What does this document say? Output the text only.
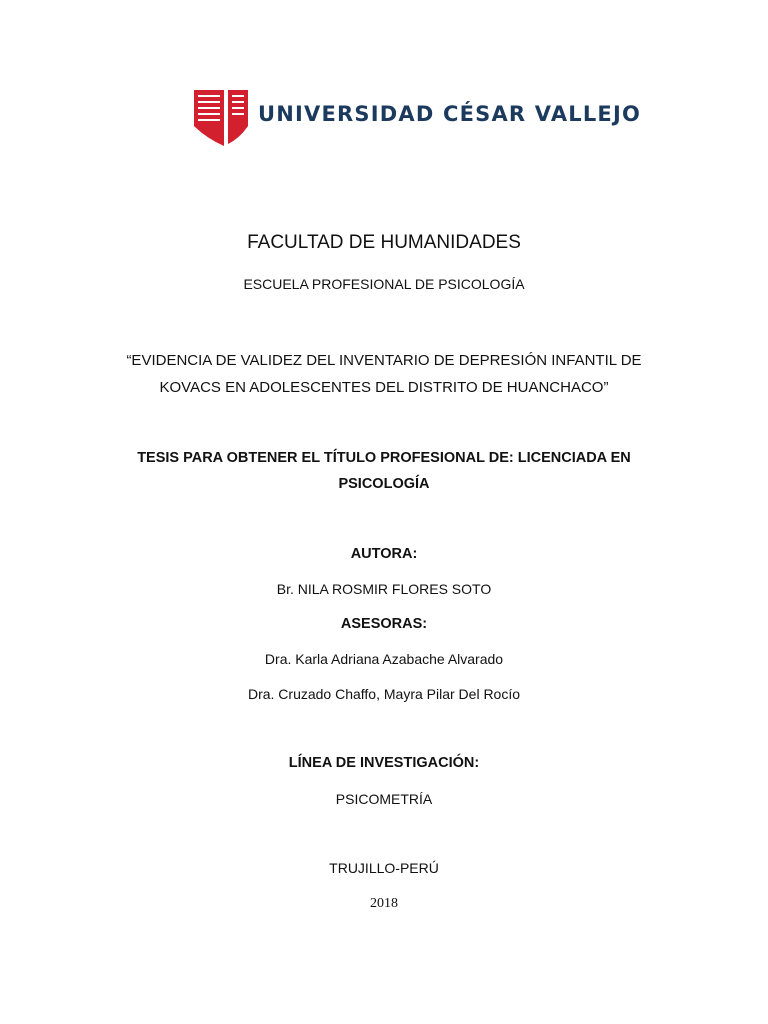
UNIVERSIDAD CÉSAR VALLEJO
FACULTAD DE HUMANIDADES
ESCUELA PROFESIONAL DE PSICOLOGÍA
“EVIDENCIA DE VALIDEZ DEL INVENTARIO DE DEPRESIÓN INFANTIL DE
KOVACS EN ADOLESCENTES DEL DISTRITO DE HUANCHACO”
TESIS PARA OBTENER EL TÍTULO PROFESIONAL DE: LICENCIADA EN
PSICOLOGÍA
AUTORA:
Br. NILA ROSMIR FLORES SOTO
ASESORAS:
Dra. Karla Adriana Azabache Alvarado
Dra. Cruzado Chaffo, Mayra Pilar Del Rocío
LÍNEA DE INVESTIGACIÓN:
PSICOMETRÍA
TRUJILLO-PERÚ
2018
